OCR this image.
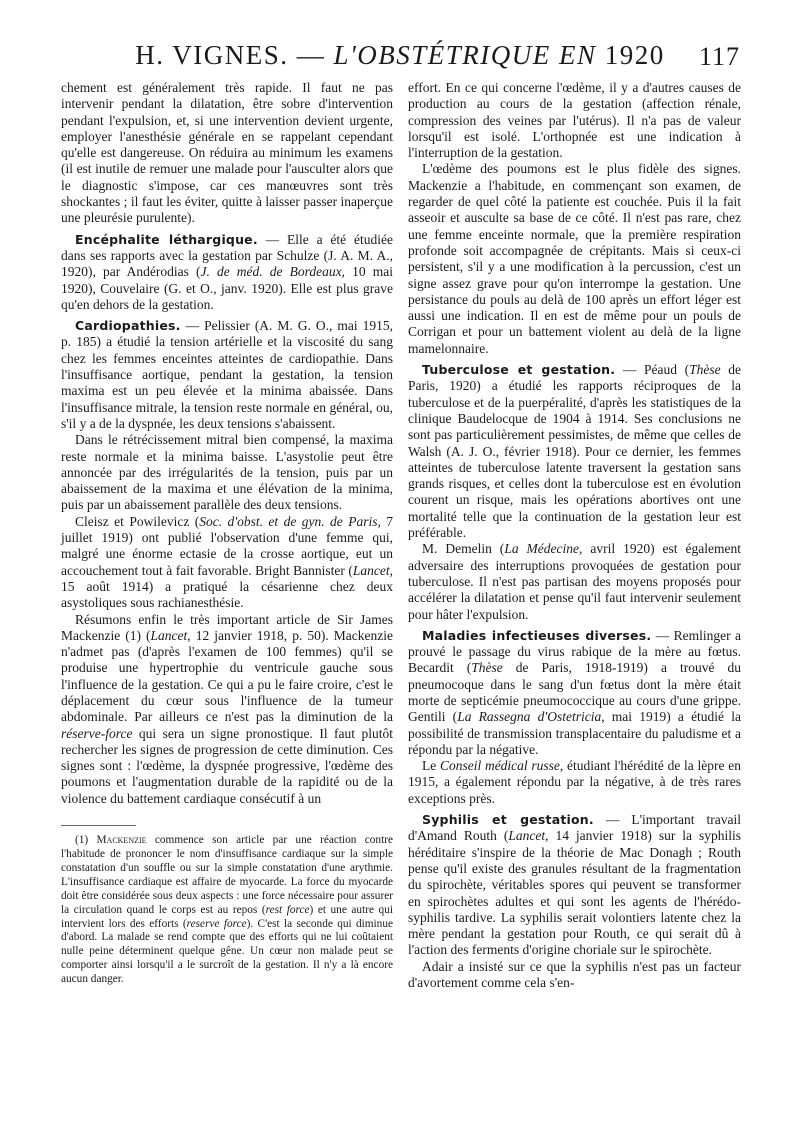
H. VIGNES. — L'OBSTÉTRIQUE EN 1920	117

chement est généralement très rapide. Il faut ne pas intervenir pendant la dilatation, être sobre d'intervention pendant l'expulsion, et, si une intervention devient urgente, employer l'anesthésie générale en se rappelant cependant qu'elle est dangereuse. On réduira au minimum les examens (il est inutile de remuer une malade pour l'ausculter alors que le diagnostic s'impose, car ces manœuvres sont très shockantes ; il faut les éviter, quitte à laisser passer inaperçue une pleurésie purulente).

Encéphalite léthargique. — Elle a été étudiée dans ses rapports avec la gestation par Schulze (J. A. M. A., 1920), par Andérodias (J. de méd. de Bordeaux, 10 mai 1920), Couvelaire (G. et O., janv. 1920). Elle est plus grave qu'en dehors de la gestation.

Cardiopathies. — Pelissier (A. M. G. O., mai 1915, p. 185) a étudié la tension artérielle et la viscosité du sang chez les femmes enceintes atteintes de cardiopathie. Dans l'insuffisance aortique, pendant la gestation, la tension maxima est un peu élevée et la minima abaissée. Dans l'insuffisance mitrale, la tension reste normale en général, ou, s'il y a de la dyspnée, les deux tensions s'abaissent.

Dans le rétrécissement mitral bien compensé, la maxima reste normale et la minima baisse. L'asystolie peut être annoncée par des irrégularités de la tension, puis par un abaissement de la maxima et une élévation de la minima, puis par un abaissement parallèle des deux tensions.

Cleisz et Powilevicz (Soc. d'obst. et de gyn. de Paris, 7 juillet 1919) ont publié l'observation d'une femme qui, malgré une énorme ectasie de la crosse aortique, eut un accouchement tout à fait favorable. Bright Bannister (Lancet, 15 août 1914) a pratiqué la césarienne chez deux asystoliques sous rachianesthésie.

Résumons enfin le très important article de Sir James Mackenzie (1) (Lancet, 12 janvier 1918, p. 50). Mackenzie n'admet pas (d'après l'examen de 100 femmes) qu'il se produise une hypertrophie du ventricule gauche sous l'influence de la gestation. Ce qui a pu le faire croire, c'est le déplacement du cœur sous l'influence de la tumeur abdominale. Par ailleurs ce n'est pas la diminution de la réserve-force qui sera un signe pronostique. Il faut plutôt rechercher les signes de progression de cette diminution. Ces signes sont : l'œdème, la dyspnée progressive, l'œdème des poumons et l'augmentation durable de la rapidité ou de la violence du battement cardiaque consécutif à un

(1) Mackenzie commence son article par une réaction contre l'habitude de prononcer le nom d'insuffisance cardiaque sur la simple constatation d'un souffle ou sur la simple constatation d'une arythmie. L'insuffisance cardiaque est affaire de myocarde. La force du myocarde doit être considérée sous deux aspects : une force nécessaire pour assurer la circulation quand le corps est au repos (rest force) et une autre qui intervient lors des efforts (reserve force). C'est la seconde qui diminue d'abord. La malade se rend compte que des efforts qui ne lui coûtaient nulle peine déterminent quelque gêne. Un cœur non malade peut se comporter ainsi lorsqu'il a le surcroît de la gestation. Il n'y a là encore aucun danger.

effort. En ce qui concerne l'œdème, il y a d'autres causes de production au cours de la gestation (affection rénale, compression des veines par l'utérus). Il n'a pas de valeur lorsqu'il est isolé. L'orthopnée est une indication à l'interruption de la gestation.

L'œdème des poumons est le plus fidèle des signes. Mackenzie a l'habitude, en commençant son examen, de regarder de quel côté la patiente est couchée. Puis il la fait asseoir et ausculte sa base de ce côté. Il n'est pas rare, chez une femme enceinte normale, que la première respiration profonde soit accompagnée de crépitants. Mais si ceux-ci persistent, s'il y a une modification à la percussion, c'est un signe assez grave pour qu'on interrompe la gestation. Une persistance du pouls au delà de 100 après un effort léger est aussi une indication. Il en est de même pour un pouls de Corrigan et pour un battement violent au delà de la ligne mamelonnaire.

Tuberculose et gestation. — Péaud (Thèse de Paris, 1920) a étudié les rapports réciproques de la tuberculose et de la puerpéralité, d'après les statistiques de la clinique Baudelocque de 1904 à 1914. Ses conclusions ne sont pas particulièrement pessimistes, de même que celles de Walsh (A. J. O., février 1918). Pour ce dernier, les femmes atteintes de tuberculose latente traversent la gestation sans grands risques, et celles dont la tuberculose est en évolution courent un risque, mais les opérations abortives ont une mortalité telle que la continuation de la gestation leur est préférable.

M. Demelin (La Médecine, avril 1920) est également adversaire des interruptions provoquées de gestation pour tuberculose. Il n'est pas partisan des moyens proposés pour accélérer la dilatation et pense qu'il faut intervenir seulement pour hâter l'expulsion.

Maladies infectieuses diverses. — Remlinger a prouvé le passage du virus rabique de la mère au fœtus. Becardit (Thèse de Paris, 1918-1919) a trouvé du pneumocoque dans le sang d'un fœtus dont la mère était morte de septicémie pneumococcique au cours d'une grippe. Gentili (La Rassegna d'Ostetricia, mai 1919) a étudié la possibilité de transmission transplacentaire du paludisme et a répondu par la négative.

Le Conseil médical russe, étudiant l'hérédité de la lèpre en 1915, a également répondu par la négative, à de très rares exceptions près.

Syphilis et gestation. — L'important travail d'Amand Routh (Lancet, 14 janvier 1918) sur la syphilis héréditaire s'inspire de la théorie de Mac Donagh ; Routh pense qu'il existe des granules résultant de la fragmentation du spirochète, véritables spores qui peuvent se transformer en spirochètes adultes et qui sont les agents de l'hérédo-syphilis tardive. La syphilis serait volontiers latente chez la mère pendant la gestation pour Routh, ce qui serait dû à l'action des ferments d'origine choriale sur le spirochète.

Adair a insisté sur ce que la syphilis n'est pas un facteur d'avortement comme cela s'en-
